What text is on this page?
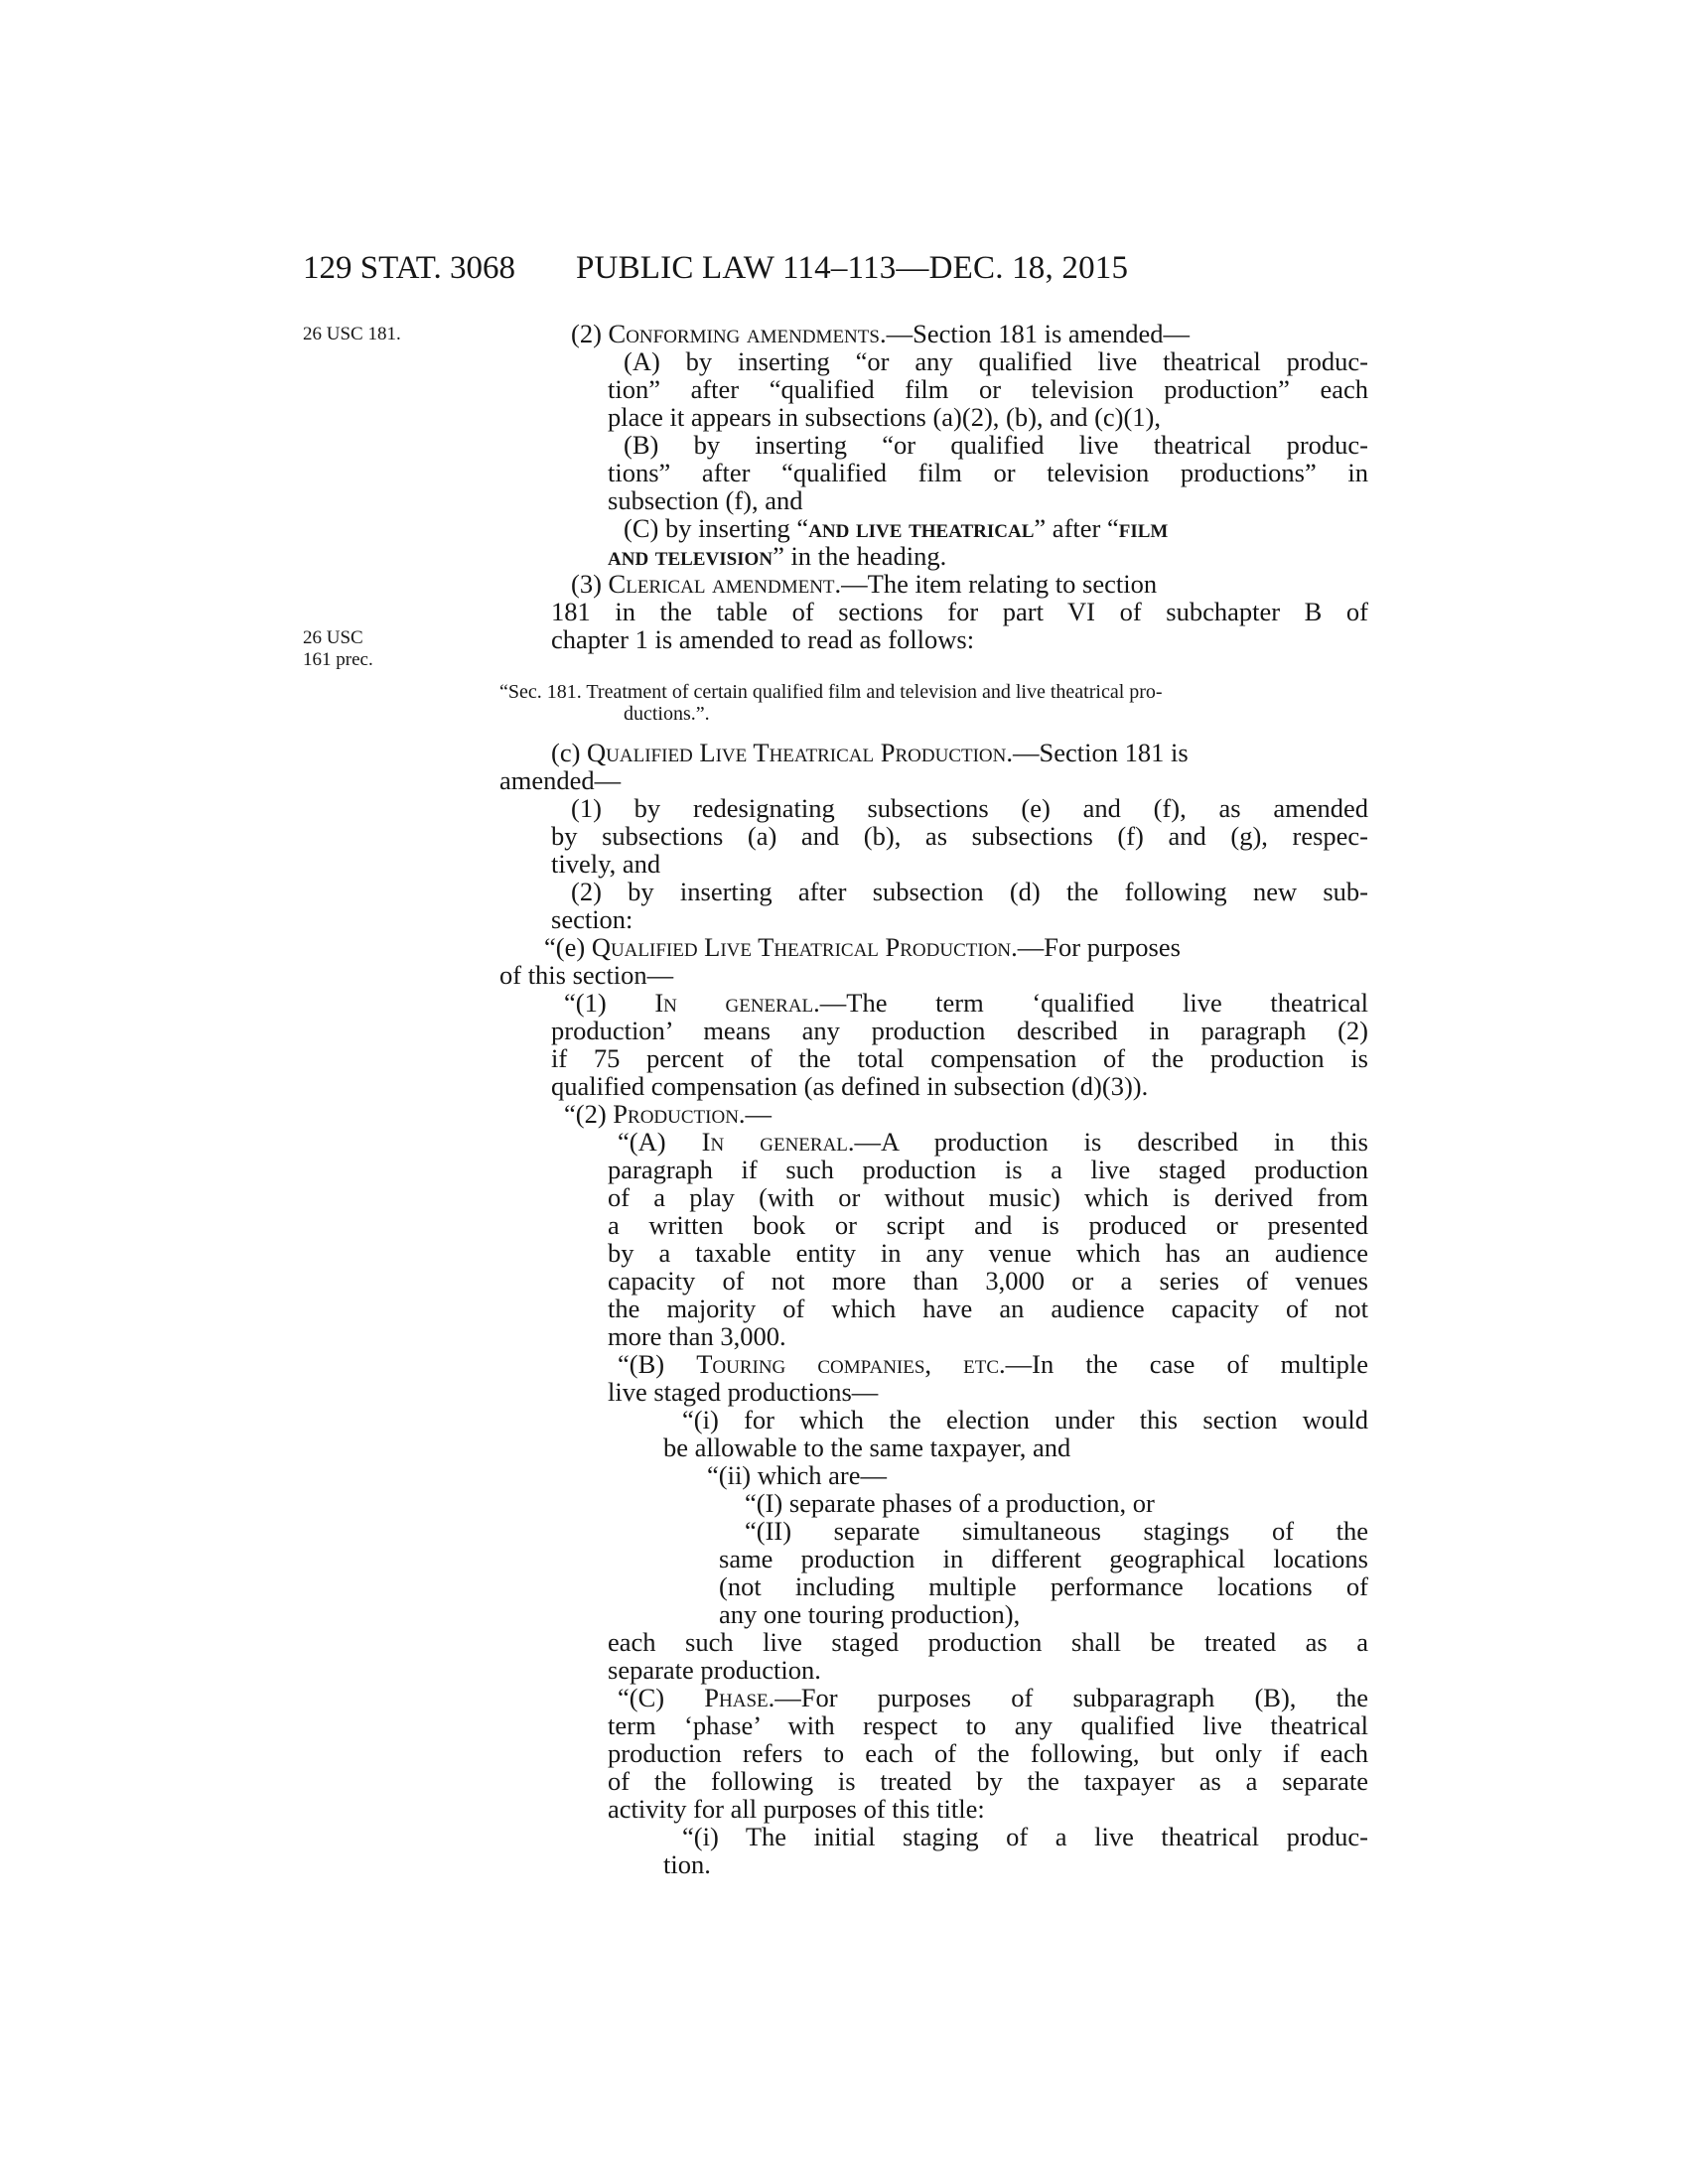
129 STAT. 3068 PUBLIC LAW 114–113—DEC. 18, 2015
26 USC 181.
26 USC
161 prec.
(2) Conforming amendments.—Section 181 is amended—
(A) by inserting “or any qualified live theatrical produc-
tion” after “qualified film or television production” each
place it appears in subsections (a)(2), (b), and (c)(1),
(B) by inserting “or qualified live theatrical produc-
tions” after “qualified film or television productions” in
subsection (f), and
(C) by inserting “and live theatrical” after “film
and television” in the heading.
(3) Clerical amendment.—The item relating to section
181 in the table of sections for part VI of subchapter B of
chapter 1 is amended to read as follows:
“Sec. 181. Treatment of certain qualified film and television and live theatrical pro-
ductions.”.
(c) Qualified Live Theatrical Production.—Section 181 is
amended—
(1) by redesignating subsections (e) and (f), as amended
by subsections (a) and (b), as subsections (f) and (g), respec-
tively, and
(2) by inserting after subsection (d) the following new sub-
section:
“(e) Qualified Live Theatrical Production.—For purposes
of this section—
“(1) In general.—The term ‘qualified live theatrical
production’ means any production described in paragraph (2)
if 75 percent of the total compensation of the production is
qualified compensation (as defined in subsection (d)(3)).
“(2) Production.—
“(A) In general.—A production is described in this
paragraph if such production is a live staged production
of a play (with or without music) which is derived from
a written book or script and is produced or presented
by a taxable entity in any venue which has an audience
capacity of not more than 3,000 or a series of venues
the majority of which have an audience capacity of not
more than 3,000.
“(B) Touring companies, etc.—In the case of multiple
live staged productions—
“(i) for which the election under this section would
be allowable to the same taxpayer, and
“(ii) which are—
“(I) separate phases of a production, or
“(II) separate simultaneous stagings of the
same production in different geographical locations
(not including multiple performance locations of
any one touring production),
each such live staged production shall be treated as a
separate production.
“(C) Phase.—For purposes of subparagraph (B), the
term ‘phase’ with respect to any qualified live theatrical
production refers to each of the following, but only if each
of the following is treated by the taxpayer as a separate
activity for all purposes of this title:
“(i) The initial staging of a live theatrical produc-
tion.
